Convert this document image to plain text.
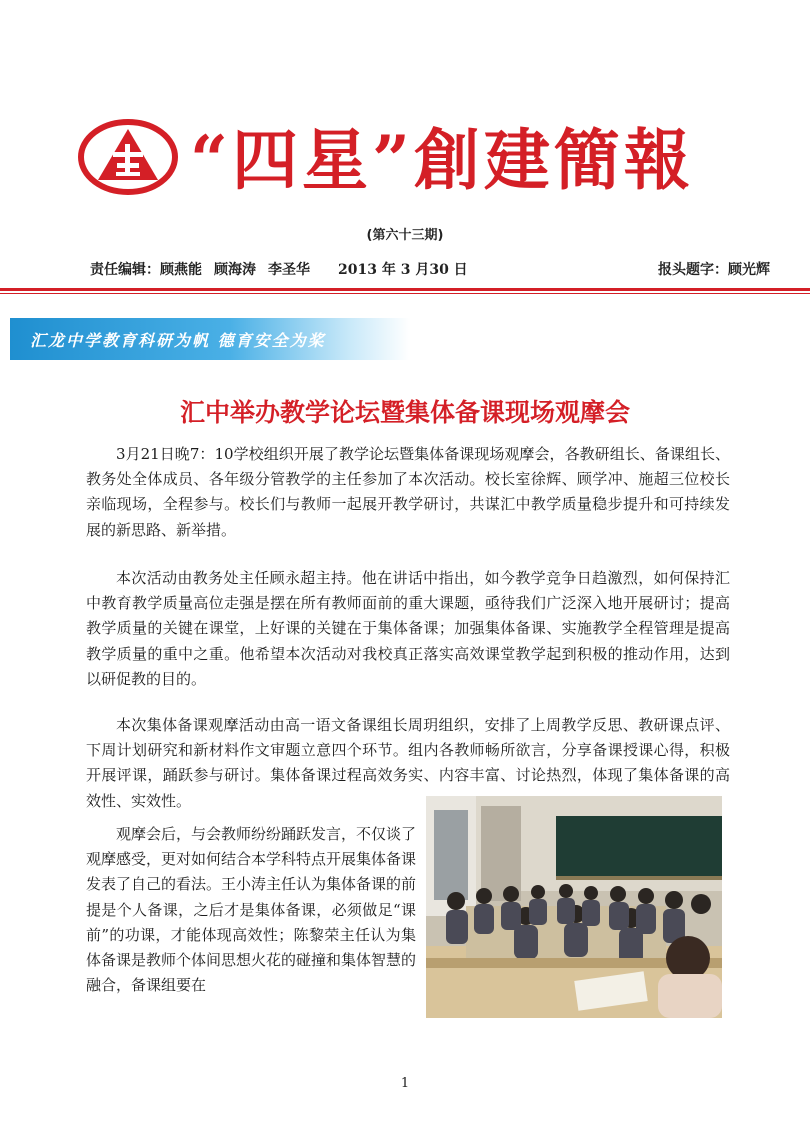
“四星”創建簡報
(第六十三期)
责任编辑：顾燕能 顾海涛 李圣华 2013 年 3 月30 日	报头题字：顾光辉
汇龙中学教育科研为帆 德育安全为桨
汇中举办教学论坛暨集体备课现场观摩会

3月21日晚7：10学校组织开展了教学论坛暨集体备课现场观摩会，各教研组长、备课组长、教务处全体成员、各年级分管教学的主任参加了本次活动。校长室徐辉、顾学冲、施超三位校长亲临现场，全程参与。校长们与教师一起展开教学研讨，共谋汇中教学质量稳步提升和可持续发展的新思路、新举措。

本次活动由教务处主任顾永超主持。他在讲话中指出，如今教学竞争日趋激烈，如何保持汇中教育教学质量高位走强是摆在所有教师面前的重大课题，亟待我们广泛深入地开展研讨；提高教学质量的关键在课堂，上好课的关键在于集体备课；加强集体备课、实施教学全程管理是提高教学质量的重中之重。他希望本次活动对我校真正落实高效课堂教学起到积极的推动作用，达到以研促教的目的。

本次集体备课观摩活动由高一语文备课组长周玥组织，安排了上周教学反思、教研课点评、下周计划研究和新材料作文审题立意四个环节。组内各教师畅所欲言，分享备课授课心得，积极开展评课，踊跃参与研讨。集体备课过程高效务实、内容丰富、讨论热烈，体现了集体备课的高效性、实效性。

观摩会后，与会教师纷纷踊跃发言，不仅谈了观摩感受，更对如何结合本学科特点开展集体备课发表了自己的看法。王小涛主任认为集体备课的前提是个人备课，之后才是集体备课，必须做足“课前”的功课，才能体现高效性；陈黎荣主任认为集体备课是教师个体间思想火花的碰撞和集体智慧的融合，备课组要在

1
